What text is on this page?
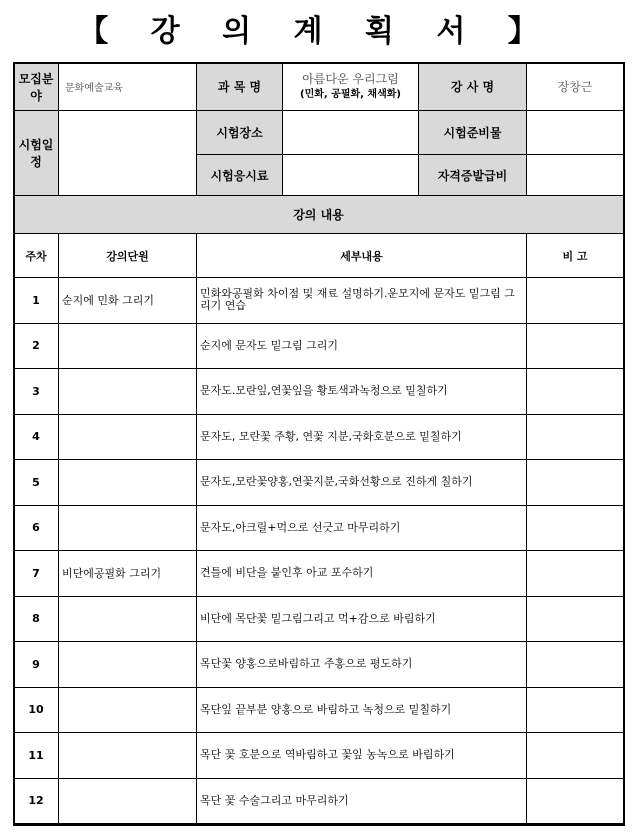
【 강 의 계 획 서 】
모집분야	문화예술교육	과 목 명	아름다운 우리그림
(민화, 공필화, 채색화)	강 사 명	장창근
시험일정		시험장소		시험준비물	
		시험응시료		자격증발급비	
강의 내용					
주차	강의단원	세부내용			비 고
1	순지에 민화 그리기	민화와공필화 차이점 및 재료 설명하기.운모지에 문자도 밑그림 그리기 연습			
2		순지에 문자도 밑그림 그리기			
3		문자도.모란잎,연꽃잎을 황토색과녹청으로 밑칠하기			
4		문자도, 모란꽃 주황, 연꽃 지분,국화호분으로 밑칠하기			
5		문자도,모란꽃양홍,연꽃지분,국화선황으로 진하게 칠하기			
6		문자도,아크릴+먹으로 선긋고 마무리하기			
7	비단에공필화 그리기	견틀에 비단을 붙인후 아교 포수하기			
8		비단에 목단꽃 밑그림그리고 먹+감으로 바림하기			
9		목단꽃 양홍으로바림하고 주홍으로 평도하기			
10		목단잎 끝부분 양홍으로 바림하고 녹청으로 밑칠하기			
11		목단 꽃 호분으로 역바림하고 꽃잎 농녹으로 바림하기			
12		목단 꽃 수술그리고 마무리하기			
